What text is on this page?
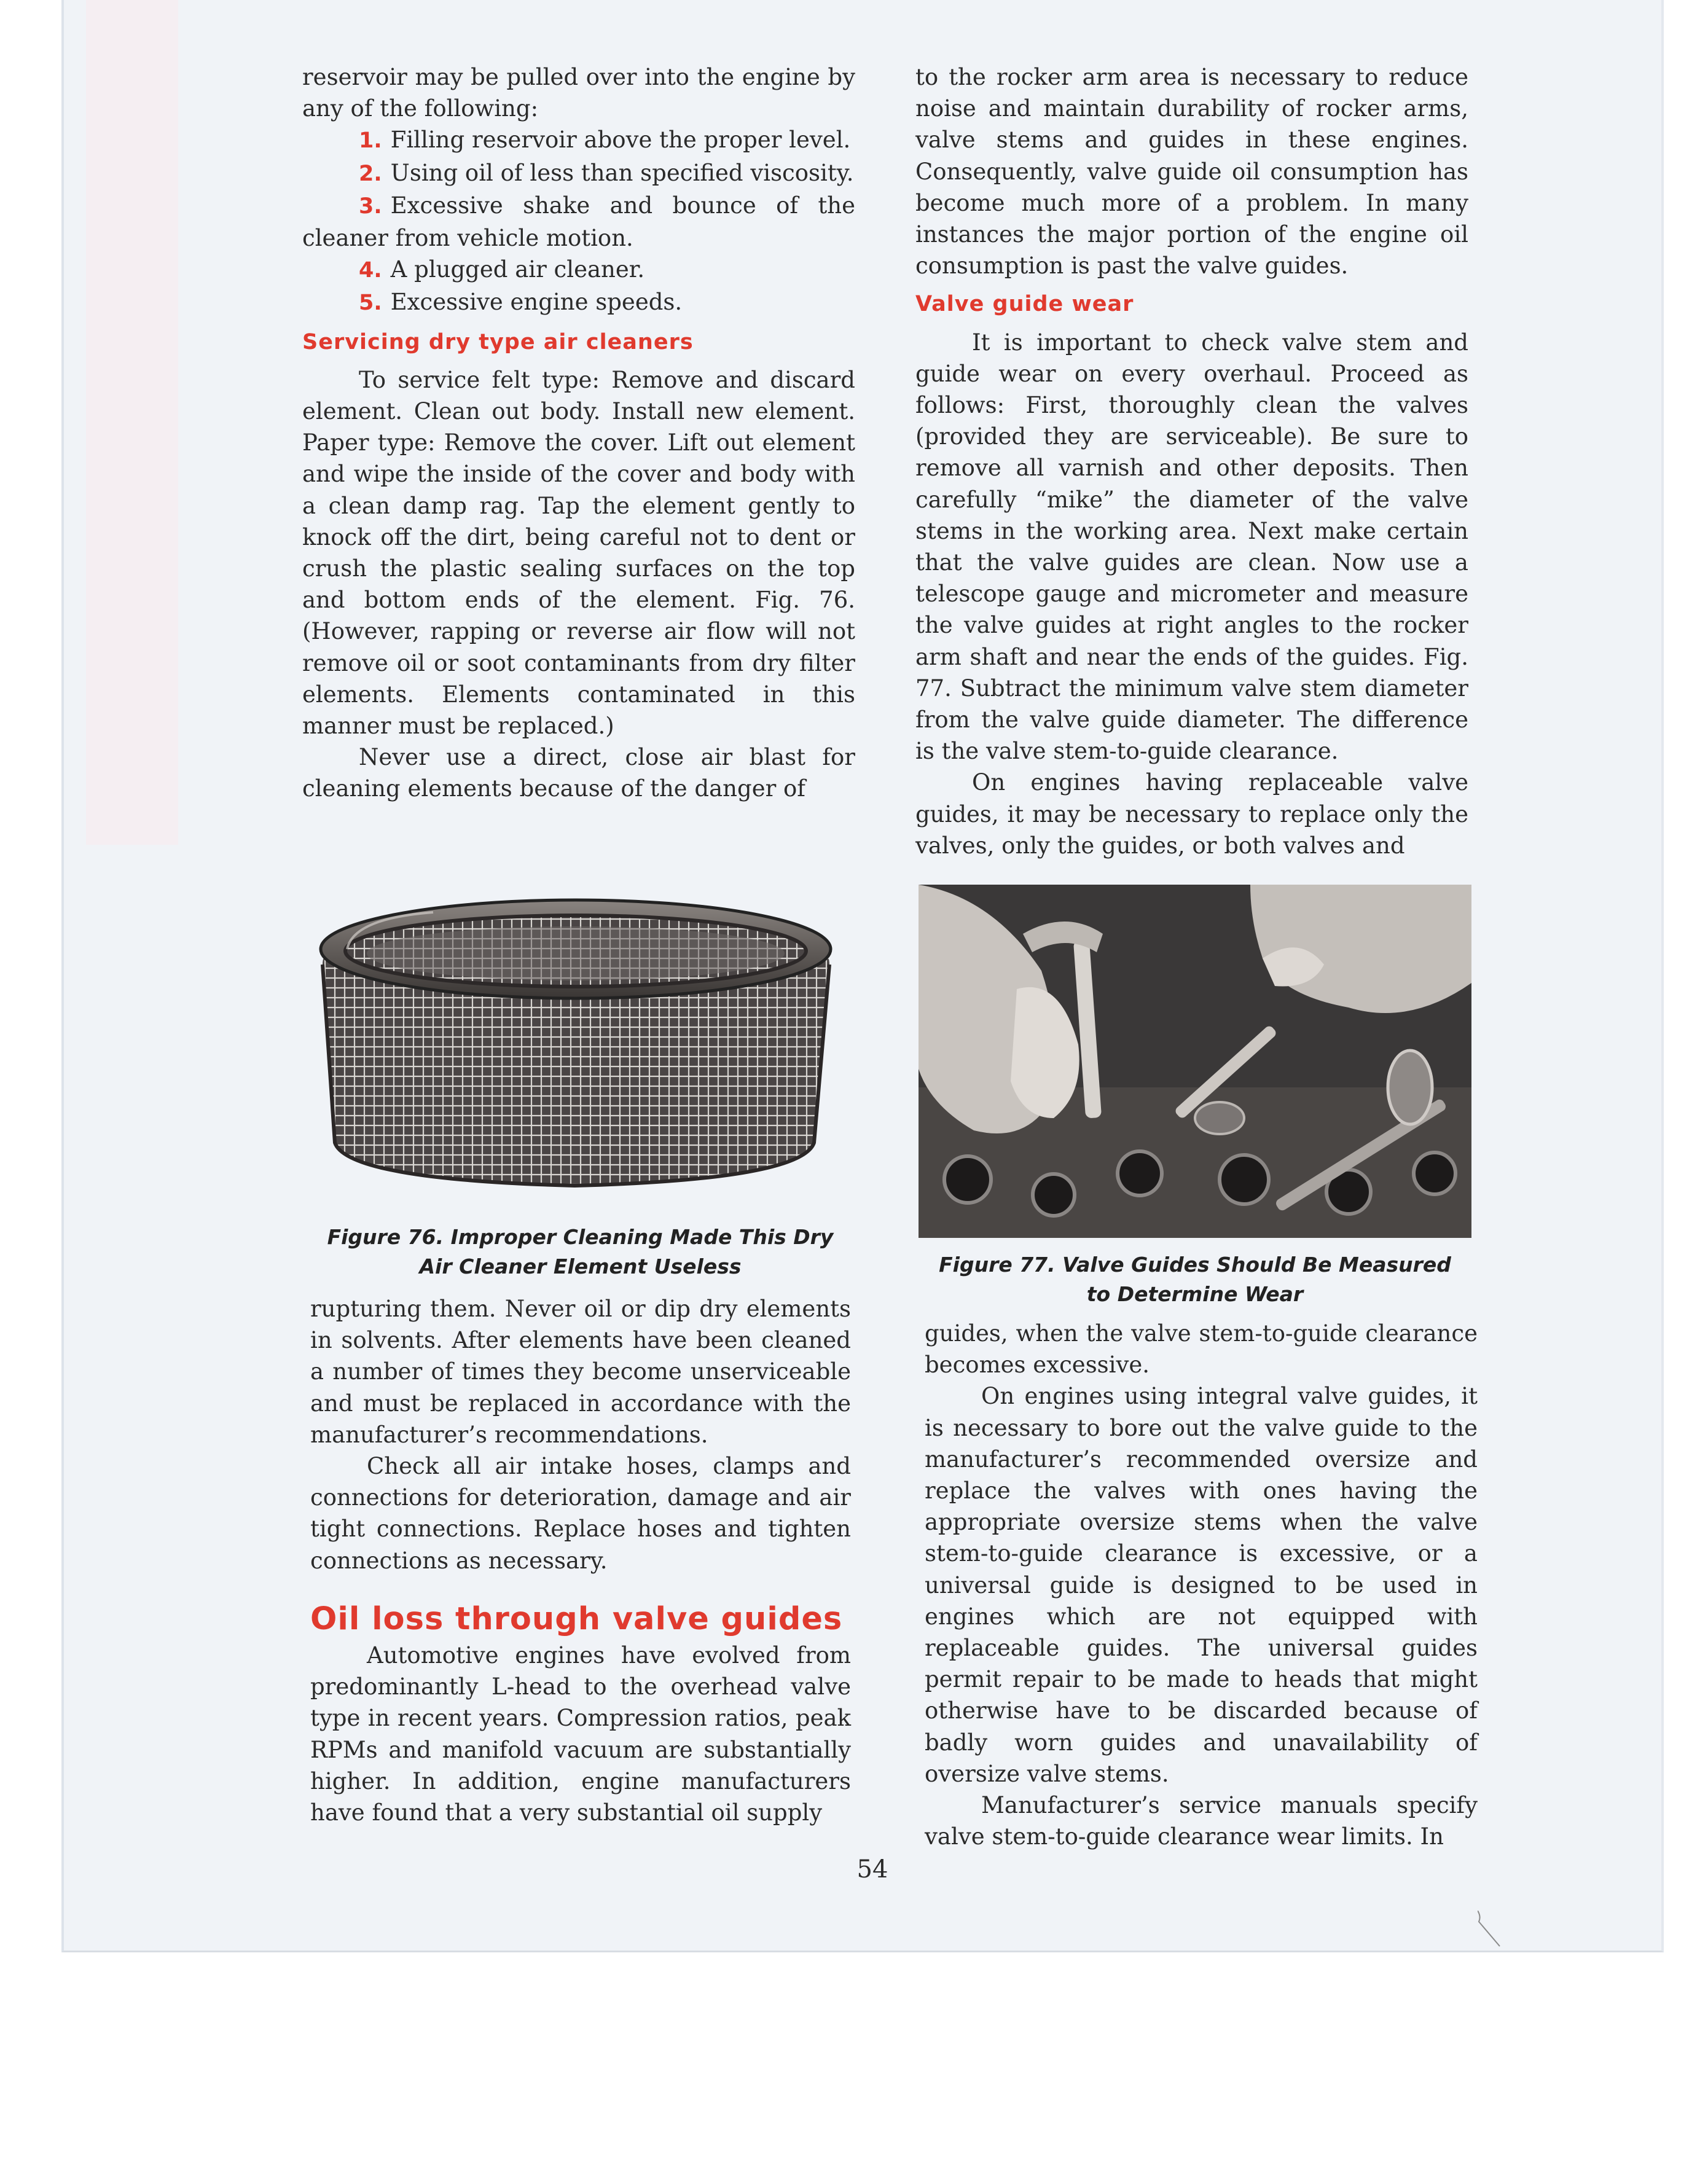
reservoir may be pulled over into the engine by any of the following:

1. Filling reservoir above the proper level.

2. Using oil of less than specified viscosity.

3. Excessive shake and bounce of the cleaner from vehicle motion.

4. A plugged air cleaner.

5. Excessive engine speeds.

Servicing dry type air cleaners

To service felt type: Remove and discard element. Clean out body. Install new element. Paper type: Remove the cover. Lift out element and wipe the inside of the cover and body with a clean damp rag. Tap the element gently to knock off the dirt, being careful not to dent or crush the plastic sealing surfaces on the top and bottom ends of the element. Fig. 76. (However, rapping or reverse air flow will not remove oil or soot contaminants from dry filter elements. Elements contaminated in this manner must be replaced.)

Never use a direct, close air blast for cleaning elements because of the danger of

Figure 76. Improper Cleaning Made This Dry

Air Cleaner Element Useless

rupturing them. Never oil or dip dry elements in solvents. After elements have been cleaned a number of times they become unserviceable and must be replaced in accordance with the manufacturer’s recommendations.

Check all air intake hoses, clamps and connections for deterioration, damage and air tight connections. Replace hoses and tighten connections as necessary.

Oil loss through valve guides

Automotive engines have evolved from predominantly L-head to the overhead valve type in recent years. Compression ratios, peak RPMs and manifold vacuum are substantially higher. In addition, engine manufacturers have found that a very substantial oil supply

to the rocker arm area is necessary to reduce noise and maintain durability of rocker arms, valve stems and guides in these engines. Consequently, valve guide oil consumption has become much more of a problem. In many instances the major portion of the engine oil consumption is past the valve guides.

Valve guide wear

It is important to check valve stem and guide wear on every overhaul. Proceed as follows: First, thoroughly clean the valves (provided they are serviceable). Be sure to remove all varnish and other deposits. Then carefully “mike” the diameter of the valve stems in the working area. Next make certain that the valve guides are clean. Now use a telescope gauge and micrometer and measure the valve guides at right angles to the rocker arm shaft and near the ends of the guides. Fig. 77. Subtract the minimum valve stem diameter from the valve guide diameter. The difference is the valve stem-to-guide clearance.

On engines having replaceable valve guides, it may be necessary to replace only the valves, only the guides, or both valves and

Figure 77. Valve Guides Should Be Measured

to Determine Wear

guides, when the valve stem-to-guide clearance becomes excessive.

On engines using integral valve guides, it is necessary to bore out the valve guide to the manufacturer’s recommended oversize and replace the valves with ones having the appropriate oversize stems when the valve stem-to-guide clearance is excessive, or a universal guide is designed to be used in engines which are not equipped with replaceable guides. The universal guides permit repair to be made to heads that might otherwise have to be discarded because of badly worn guides and unavailability of oversize valve stems.

Manufacturer’s service manuals specify valve stem-to-guide clearance wear limits. In

54
